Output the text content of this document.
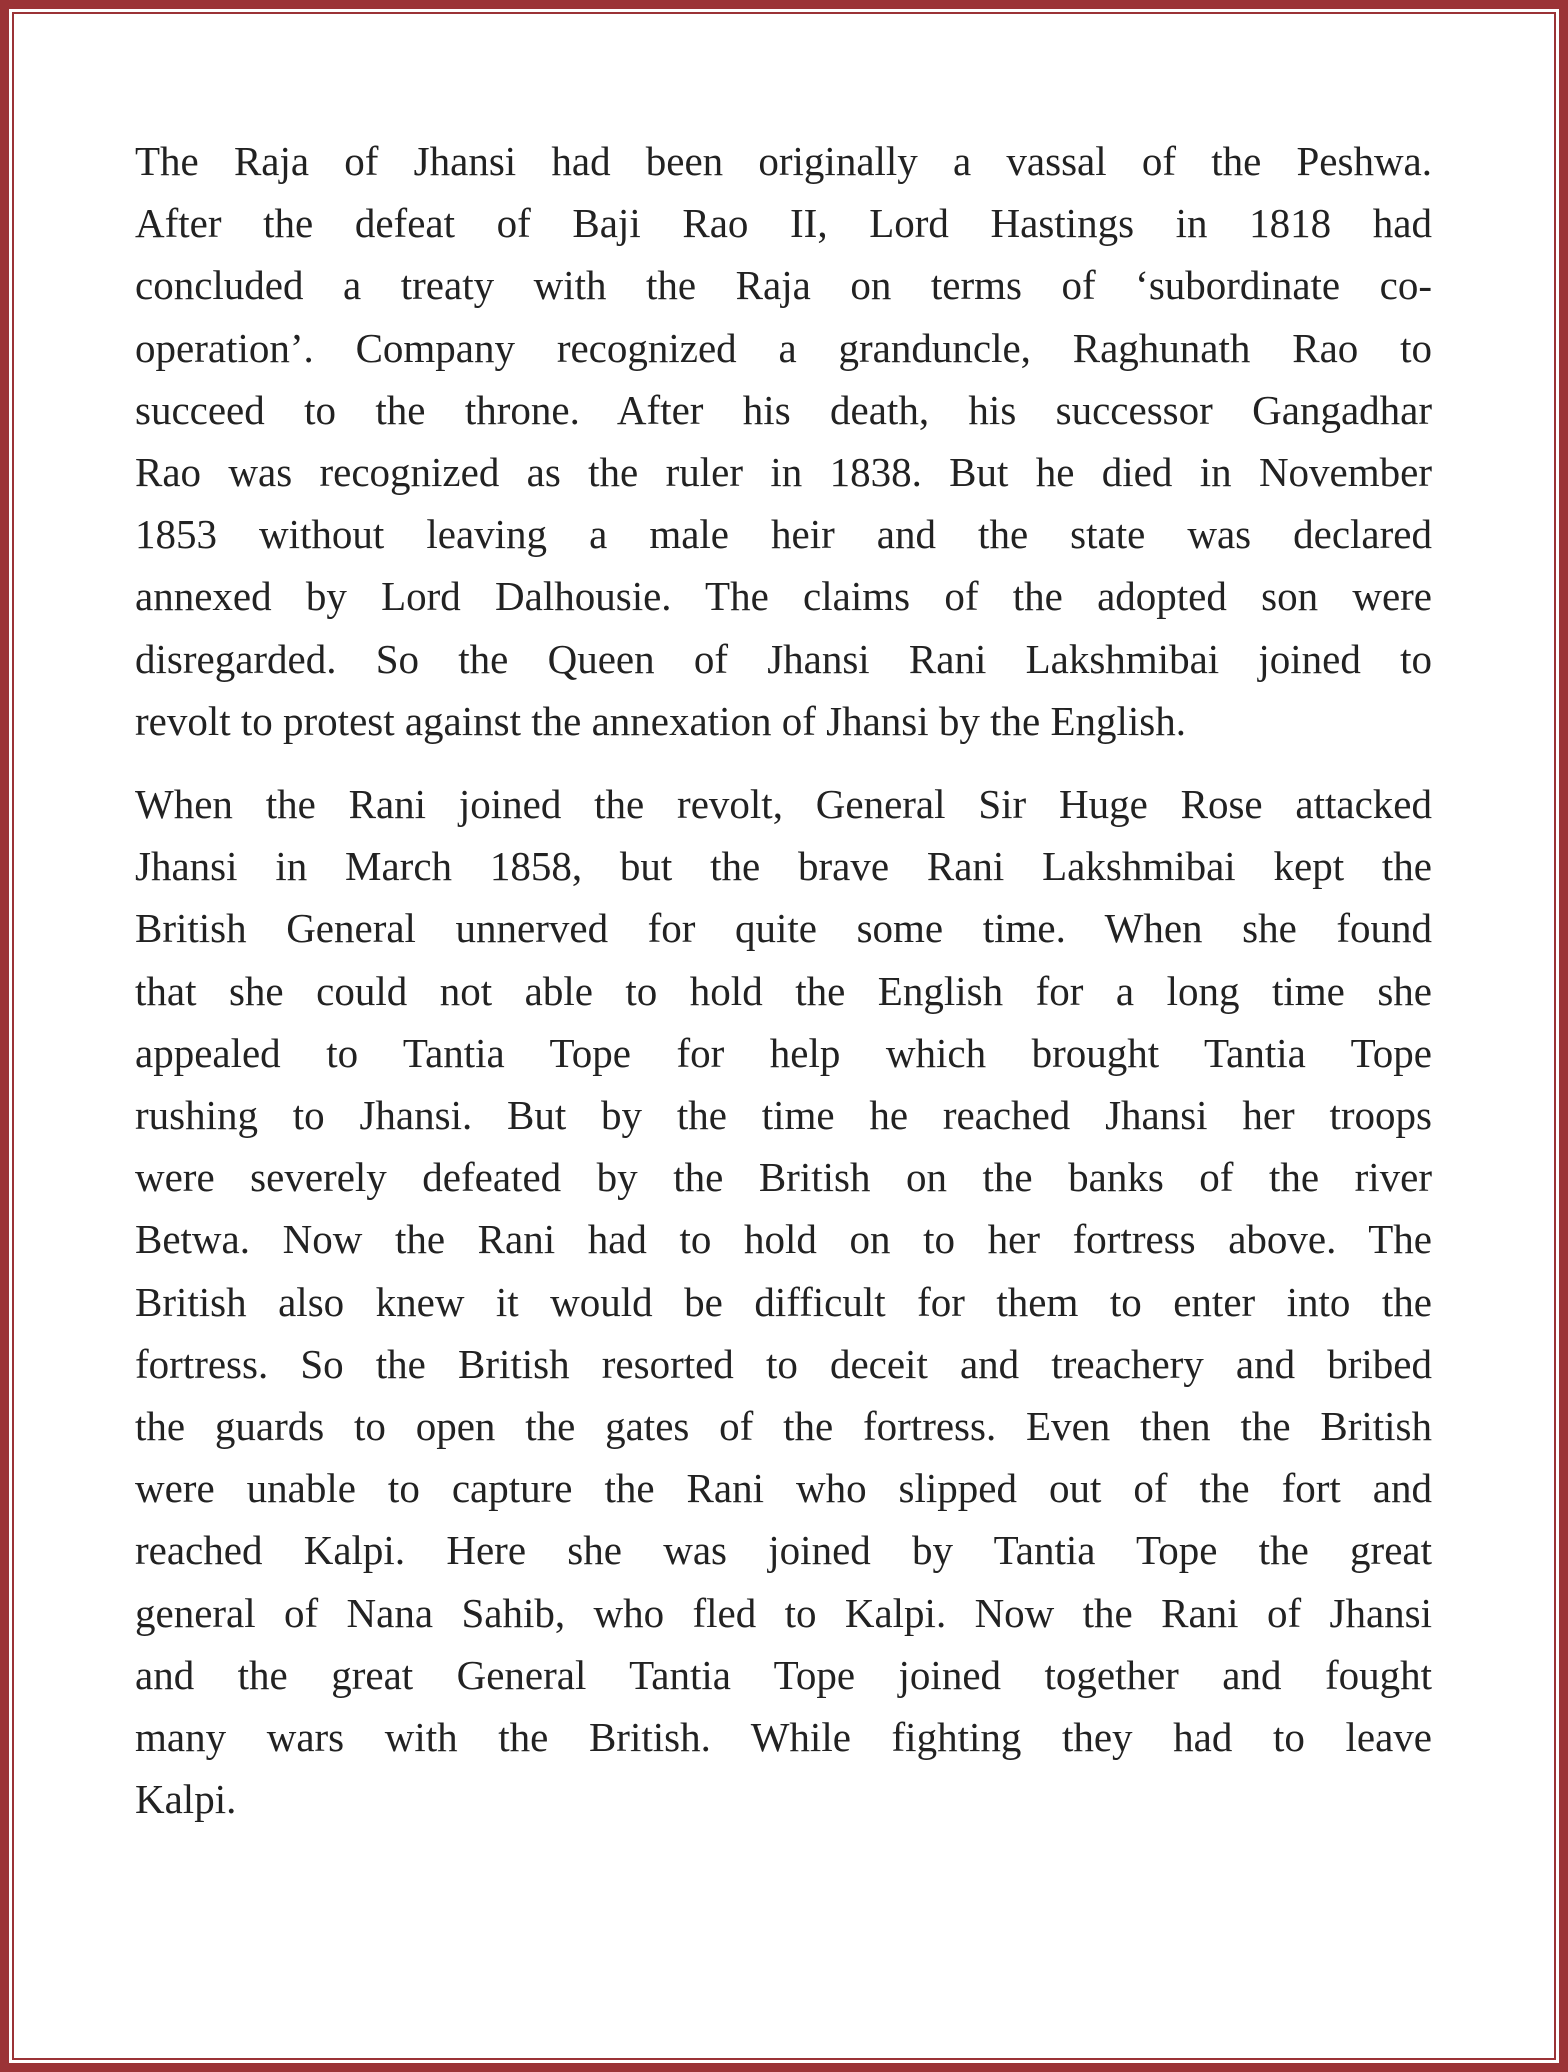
The Raja of Jhansi had been originally a vassal of the Peshwa.
After the defeat of Baji Rao II, Lord Hastings in 1818 had
concluded a treaty with the Raja on terms of ‘subordinate co-
operation’. Company recognized a granduncle, Raghunath Rao to
succeed to the throne. After his death, his successor Gangadhar
Rao was recognized as the ruler in 1838. But he died in November
1853 without leaving a male heir and the state was declared
annexed by Lord Dalhousie. The claims of the adopted son were
disregarded. So the Queen of Jhansi Rani Lakshmibai joined to
revolt to protest against the annexation of Jhansi by the English.

When the Rani joined the revolt, General Sir Huge Rose attacked
Jhansi in March 1858, but the brave Rani Lakshmibai kept the
British General unnerved for quite some time. When she found
that she could not able to hold the English for a long time she
appealed to Tantia Tope for help which brought Tantia Tope
rushing to Jhansi. But by the time he reached Jhansi her troops
were severely defeated by the British on the banks of the river
Betwa. Now the Rani had to hold on to her fortress above. The
British also knew it would be difficult for them to enter into the
fortress. So the British resorted to deceit and treachery and bribed
the guards to open the gates of the fortress. Even then the British
were unable to capture the Rani who slipped out of the fort and
reached Kalpi. Here she was joined by Tantia Tope the great
general of Nana Sahib, who fled to Kalpi. Now the Rani of Jhansi
and the great General Tantia Tope joined together and fought
many wars with the British. While fighting they had to leave
Kalpi.
